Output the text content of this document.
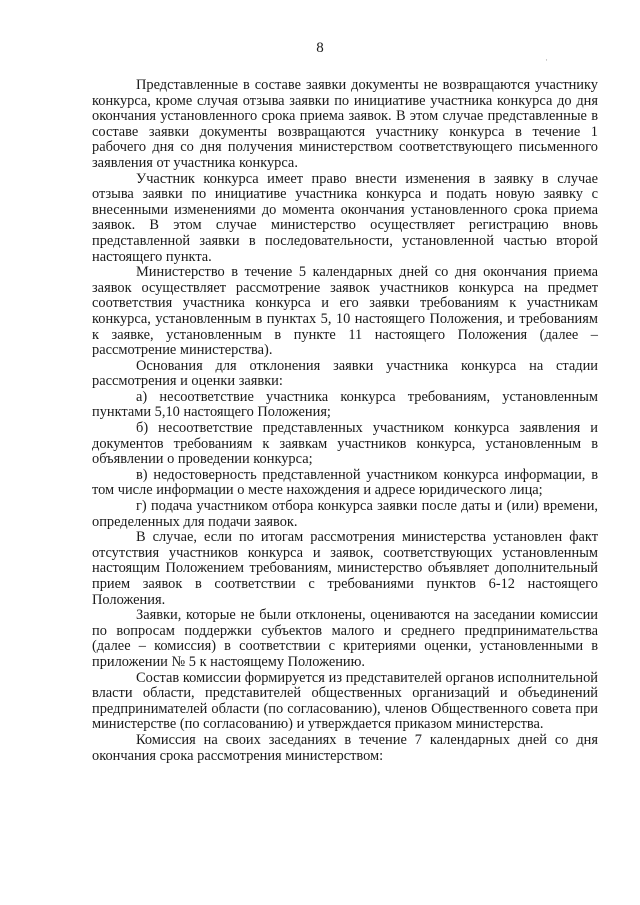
8
·

Представленные в составе заявки документы не возвращаются участнику конкурса, кроме случая отзыва заявки по инициативе участника конкурса до дня окончания установленного срока приема заявок. В этом случае представленные в составе заявки документы возвращаются участнику конкурса в течение 1 рабочего дня со дня получения министерством соответствующего письменного заявления от участника конкурса.

Участник конкурса имеет право внести изменения в заявку в случае отзыва заявки по инициативе участника конкурса и подать новую заявку с внесенными изменениями до момента окончания установленного срока приема заявок. В этом случае министерство осуществляет регистрацию вновь представленной заявки в последовательности, установленной частью второй настоящего пункта.

Министерство в течение 5 календарных дней со дня окончания приема заявок осуществляет рассмотрение заявок участников конкурса на предмет соответствия участника конкурса и его заявки требованиям к участникам конкурса, установленным в пунктах 5, 10 настоящего Положения, и требованиям к заявке, установленным в пункте 11 настоящего Положения (далее – рассмотрение министерства).

Основания для отклонения заявки участника конкурса на стадии рассмотрения и оценки заявки:

а) несоответствие участника конкурса требованиям, установленным пунктами 5,10 настоящего Положения;

б) несоответствие представленных участником конкурса заявления и документов требованиям к заявкам участников конкурса, установленным в объявлении о проведении конкурса;

в) недостоверность представленной участником конкурса информации, в том числе информации о месте нахождения и адресе юридического лица;

г) подача участником отбора конкурса заявки после даты и (или) времени, определенных для подачи заявок.

В случае, если по итогам рассмотрения министерства установлен факт отсутствия участников конкурса и заявок, соответствующих установленным настоящим Положением требованиям, министерство объявляет дополнительный прием заявок в соответствии с требованиями пунктов 6-12 настоящего Положения.

Заявки, которые не были отклонены, оцениваются на заседании комиссии по вопросам поддержки субъектов малого и среднего предпринимательства (далее – комиссия) в соответствии с критериями оценки, установленными в приложении № 5 к настоящему Положению.

Состав комиссии формируется из представителей органов исполнительной власти области, представителей общественных организаций и объединений предпринимателей области (по согласованию), членов Общественного совета при министерстве (по согласованию) и утверждается приказом министерства.

Комиссия на своих заседаниях в течение 7 календарных дней со дня окончания срока рассмотрения министерством:
